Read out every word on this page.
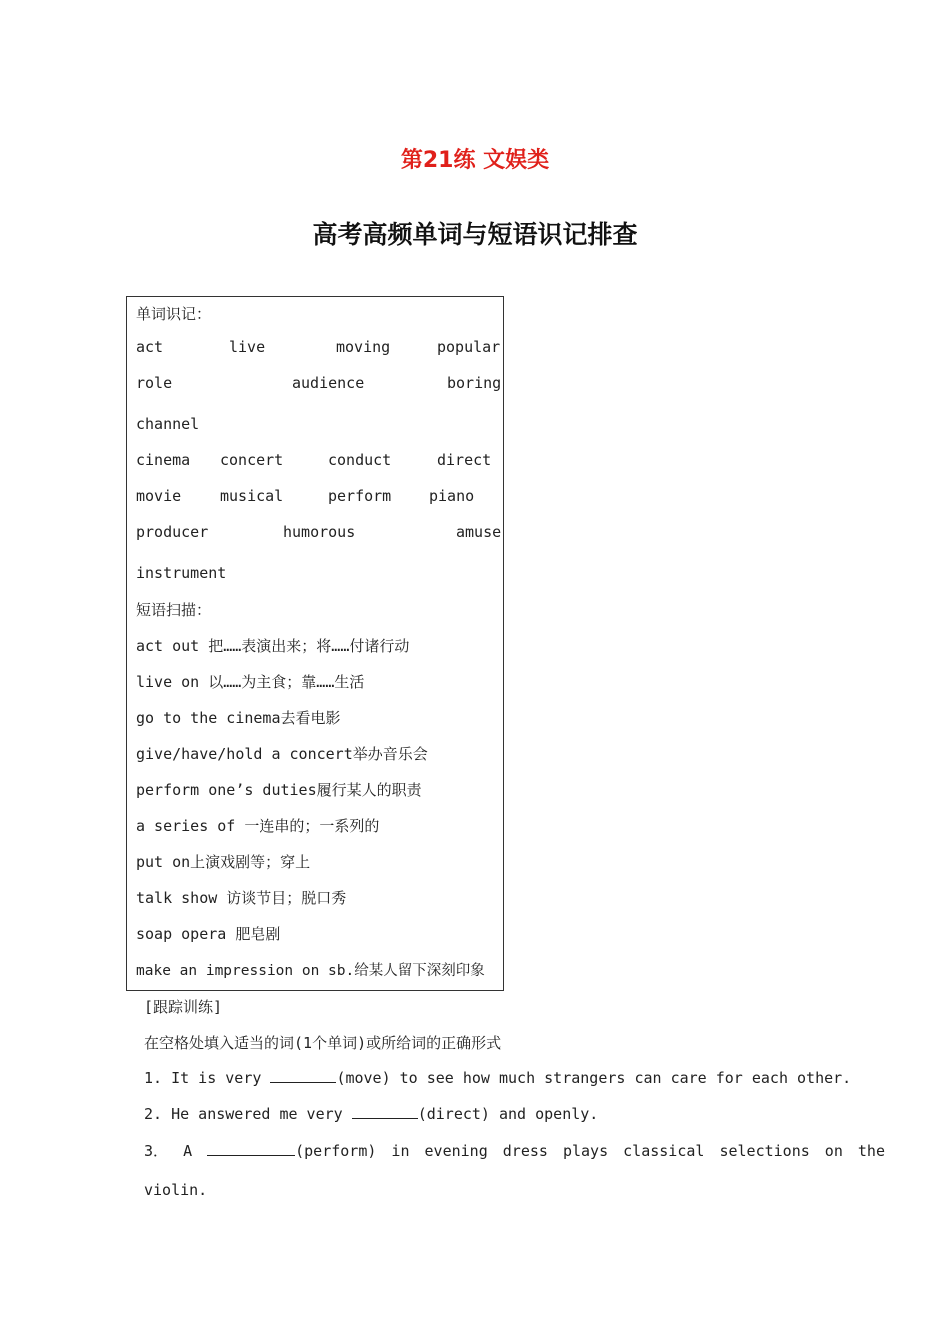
第21练 文娱类
高考高频单词与短语识记排查
单词识记：
act	live	moving	popular
role	audience	boring
channel
cinema concert	conduct	direct
movie	musical	perform	piano
producer	humorous	amuse
instrument
短语扫描：
act out 把……表演出来；将……付诸行动
live on 以……为主食；靠……生活
go to the cinema去看电影
give/have/hold a concert举办音乐会
perform one’s duties履行某人的职责
a series of 一连串的；一系列的
put on上演戏剧等；穿上
talk show 访谈节目；脱口秀
soap opera 肥皂剧
make an impression on sb.给某人留下深刻印象
[跟踪训练]
在空格处填入适当的词(1个单词)或所给词的正确形式
1. It is very	(move) to see how much strangers can care for each other.
2. He answered me very	(direct) and openly.
3． A	(perform) in evening dress plays classical selections on the
violin.
